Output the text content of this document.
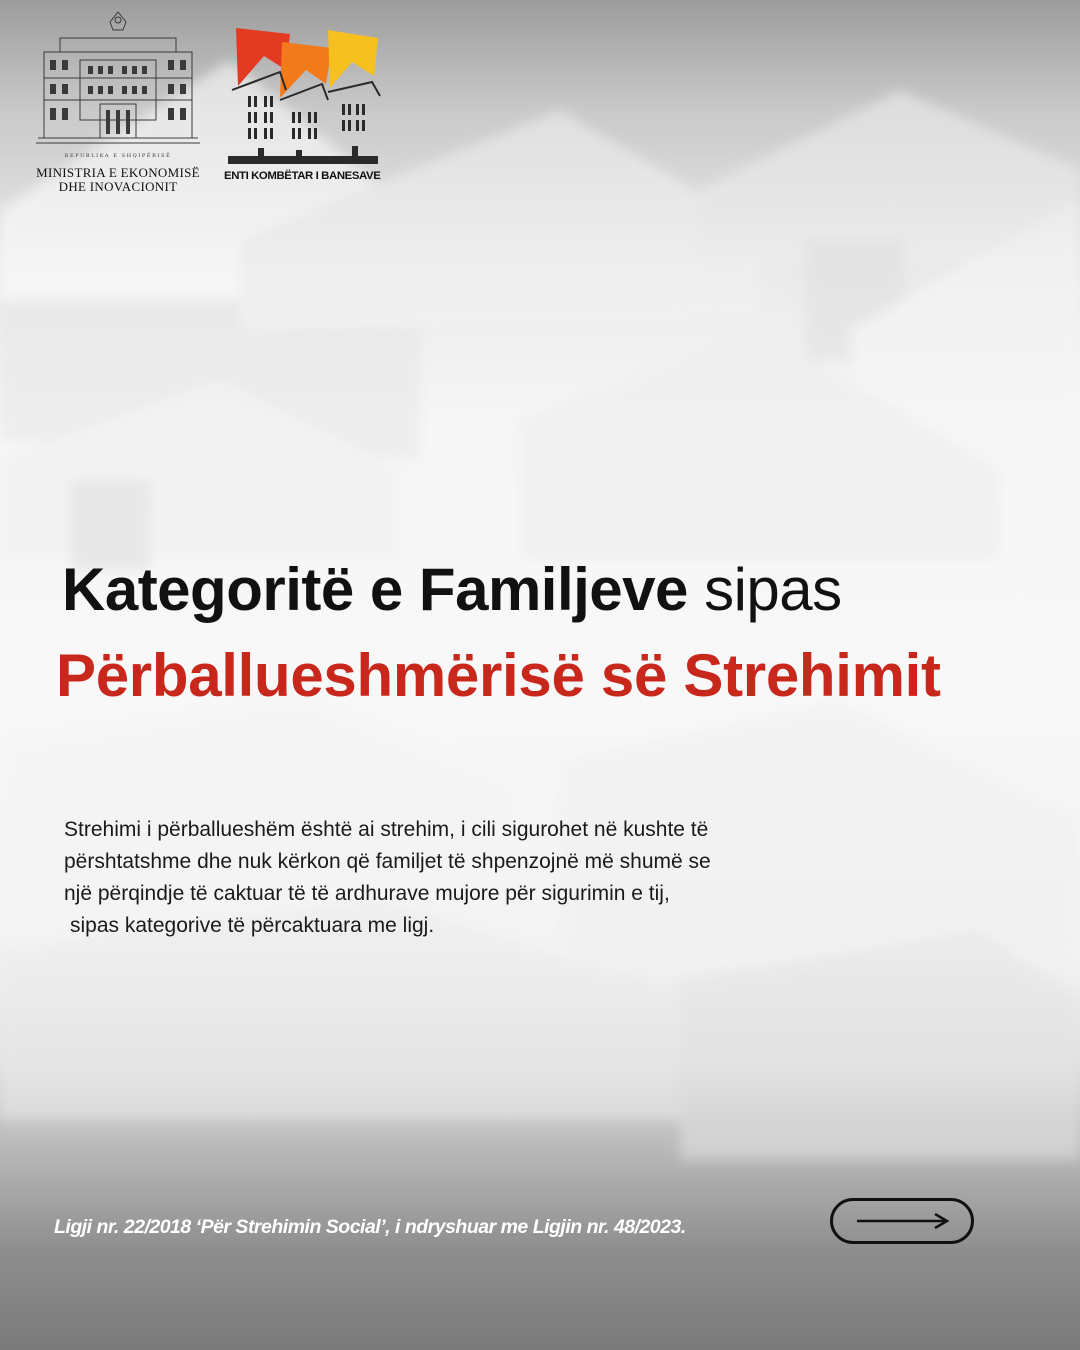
REPUBLIKA E SHQIPËRISË
MINISTRIA E EKONOMISË
DHE INOVACIONIT
ENTI KOMBËTAR I BANESAVE
Kategoritë e Familjeve sipas
Përballueshmërisë së Strehimit
Strehimi i përballueshëm është ai strehim, i cili sigurohet në kushte të
përshtatshme dhe nuk kërkon që familjet të shpenzojnë më shumë se
një përqindje të caktuar të të ardhurave mujore për sigurimin e tij,
sipas kategorive të përcaktuara me ligj.
Ligji nr. 22/2018 ‘Për Strehimin Social’, i ndryshuar me Ligjin nr. 48/2023.
